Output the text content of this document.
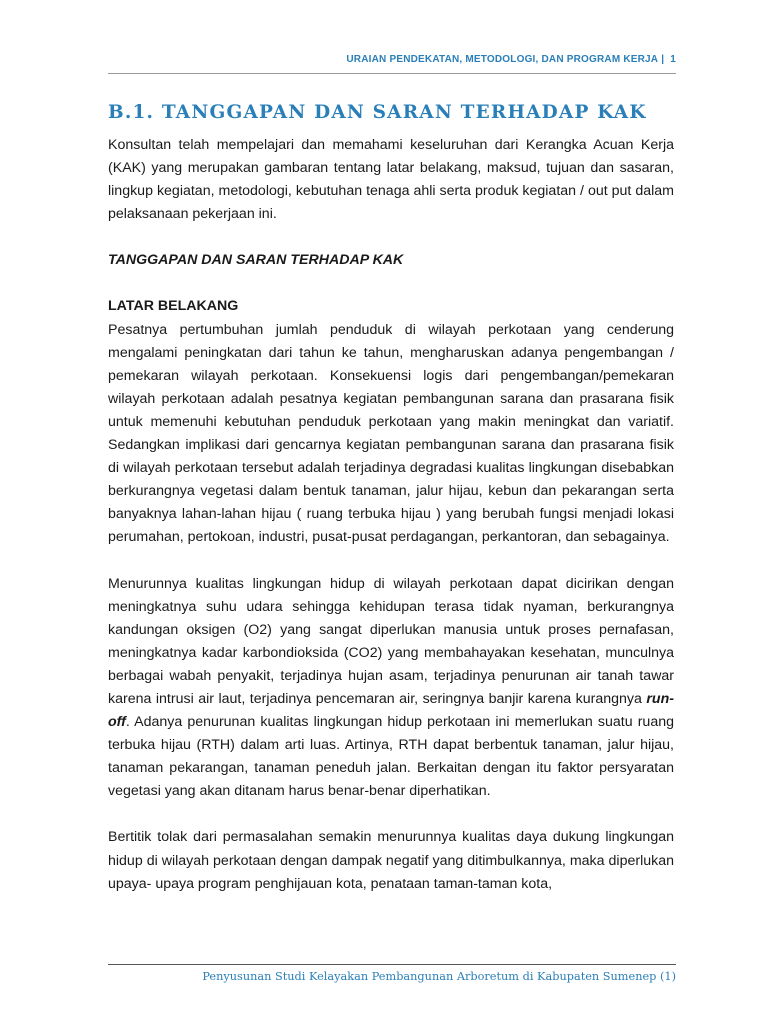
URAIAN PENDEKATAN, METODOLOGI, DAN PROGRAM KERJA | 1
B.1. TANGGAPAN DAN SARAN TERHADAP KAK

Konsultan telah mempelajari dan memahami keseluruhan dari Kerangka Acuan Kerja (KAK) yang merupakan gambaran tentang latar belakang, maksud, tujuan dan sasaran, lingkup kegiatan, metodologi, kebutuhan tenaga ahli serta produk kegiatan / out put dalam pelaksanaan pekerjaan ini.

TANGGAPAN DAN SARAN TERHADAP KAK

LATAR BELAKANG

Pesatnya pertumbuhan jumlah penduduk di wilayah perkotaan yang cenderung mengalami peningkatan dari tahun ke tahun, mengharuskan adanya pengembangan / pemekaran wilayah perkotaan. Konsekuensi logis dari pengembangan/pemekaran wilayah perkotaan adalah pesatnya kegiatan pembangunan sarana dan prasarana fisik untuk memenuhi kebutuhan penduduk perkotaan yang makin meningkat dan variatif. Sedangkan implikasi dari gencarnya kegiatan pembangunan sarana dan prasarana fisik di wilayah perkotaan tersebut adalah terjadinya degradasi kualitas lingkungan disebabkan berkurangnya vegetasi dalam bentuk tanaman, jalur hijau, kebun dan pekarangan serta banyaknya lahan-lahan hijau ( ruang terbuka hijau ) yang berubah fungsi menjadi lokasi perumahan, pertokoan, industri, pusat-pusat perdagangan, perkantoran, dan sebagainya.

Menurunnya kualitas lingkungan hidup di wilayah perkotaan dapat dicirikan dengan meningkatnya suhu udara sehingga kehidupan terasa tidak nyaman, berkurangnya kandungan oksigen (O2) yang sangat diperlukan manusia untuk proses pernafasan, meningkatnya kadar karbondioksida (CO2) yang membahayakan kesehatan, munculnya berbagai wabah penyakit, terjadinya hujan asam, terjadinya penurunan air tanah tawar karena intrusi air laut, terjadinya pencemaran air, seringnya banjir karena kurangnya run-off. Adanya penurunan kualitas lingkungan hidup perkotaan ini memerlukan suatu ruang terbuka hijau (RTH) dalam arti luas. Artinya, RTH dapat berbentuk tanaman, jalur hijau, tanaman pekarangan, tanaman peneduh jalan. Berkaitan dengan itu faktor persyaratan vegetasi yang akan ditanam harus benar-benar diperhatikan.

Bertitik tolak dari permasalahan semakin menurunnya kualitas daya dukung lingkungan hidup di wilayah perkotaan dengan dampak negatif yang ditimbulkannya, maka diperlukan upaya- upaya program penghijauan kota, penataan taman-taman kota,

Penyusunan Studi Kelayakan Pembangunan Arboretum di Kabupaten Sumenep (1)
